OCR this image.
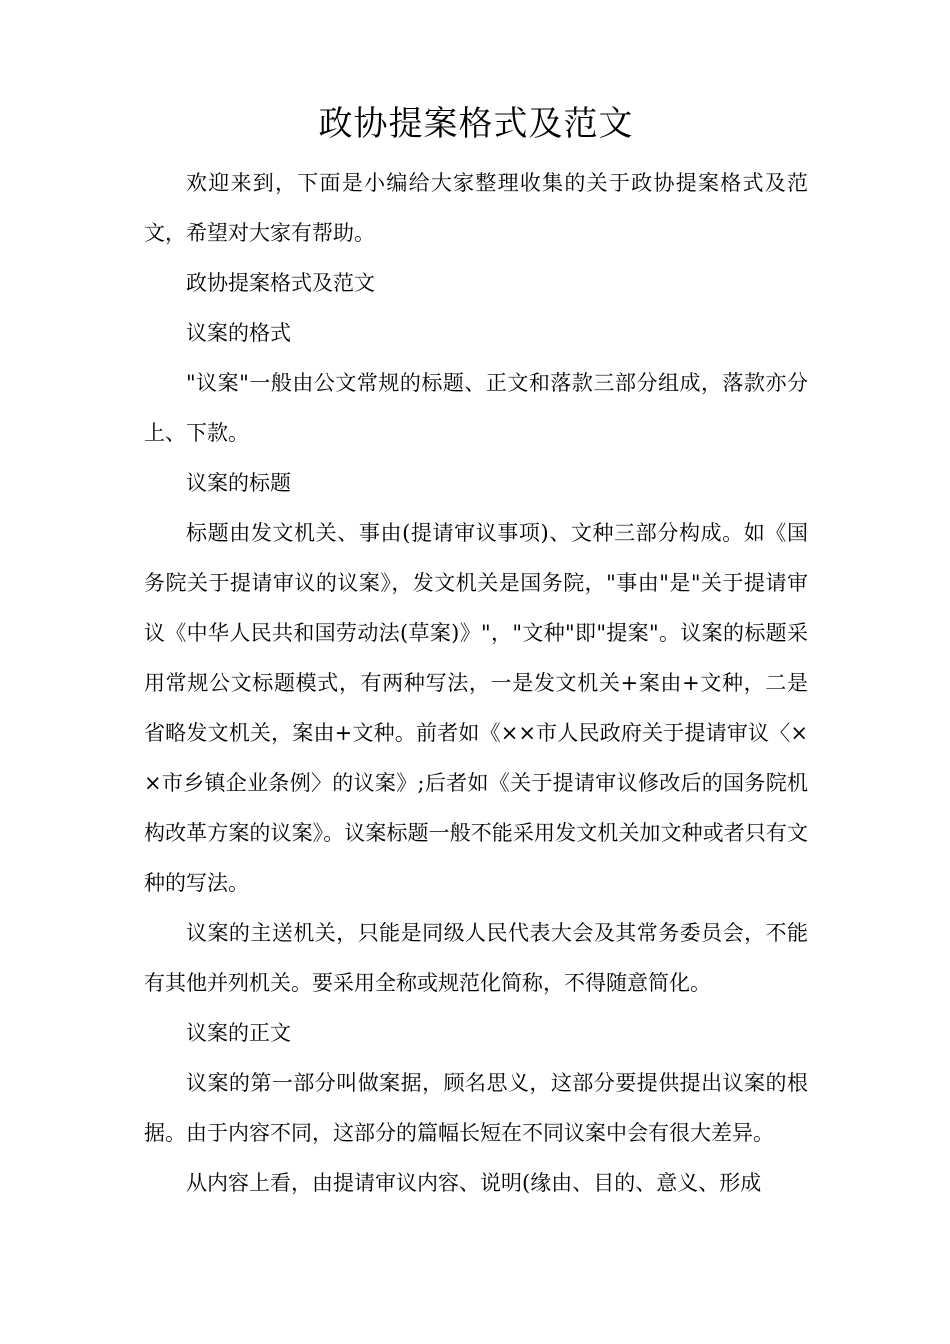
政协提案格式及范文

欢迎来到，下面是小编给大家整理收集的关于政协提案格式及范文，希望对大家有帮助。

政协提案格式及范文

议案的格式

"议案"一般由公文常规的标题、正文和落款三部分组成，落款亦分上、下款。

议案的标题

标题由发文机关、事由(提请审议事项)、文种三部分构成。如《国务院关于提请审议的议案》，发文机关是国务院，"事由"是"关于提请审议《中华人民共和国劳动法(草案)》"，"文种"即"提案"。议案的标题采用常规公文标题模式，有两种写法，一是发文机关+案由+文种，二是省略发文机关，案由+文种。前者如《××市人民政府关于提请审议〈××市乡镇企业条例〉的议案》;后者如《关于提请审议修改后的国务院机构改革方案的议案》。议案标题一般不能采用发文机关加文种或者只有文种的写法。

议案的主送机关，只能是同级人民代表大会及其常务委员会，不能有其他并列机关。要采用全称或规范化简称，不得随意简化。

议案的正文

议案的第一部分叫做案据，顾名思义，这部分要提供提出议案的根据。由于内容不同，这部分的篇幅长短在不同议案中会有很大差异。

从内容上看，由提请审议内容、说明(缘由、目的、意义、形成
